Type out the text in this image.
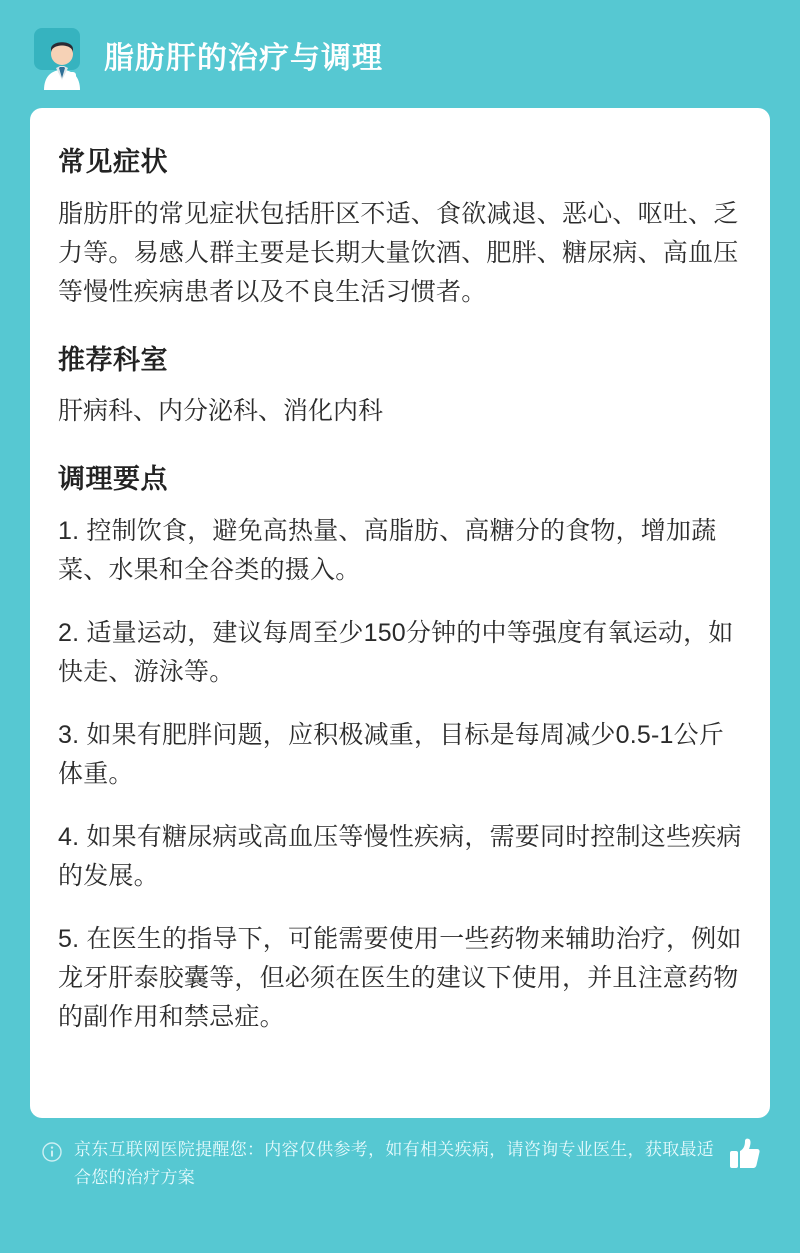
脂肪肝的治疗与调理
常见症状

脂肪肝的常见症状包括肝区不适、食欲减退、恶心、呕吐、乏力等。易感人群主要是长期大量饮酒、肥胖、糖尿病、高血压等慢性疾病患者以及不良生活习惯者。

推荐科室

肝病科、内分泌科、消化内科

调理要点

1. 控制饮食，避免高热量、高脂肪、高糖分的食物，增加蔬菜、水果和全谷类的摄入。

2. 适量运动，建议每周至少150分钟的中等强度有氧运动，如快走、游泳等。

3. 如果有肥胖问题，应积极减重，目标是每周减少0.5-1公斤体重。

4. 如果有糖尿病或高血压等慢性疾病，需要同时控制这些疾病的发展。

5. 在医生的指导下，可能需要使用一些药物来辅助治疗，例如龙牙肝泰胶囊等，但必须在医生的建议下使用，并且注意药物的副作用和禁忌症。

京东互联网医院提醒您：内容仅供参考，如有相关疾病，请咨询专业医生，获取最适合您的治疗方案
